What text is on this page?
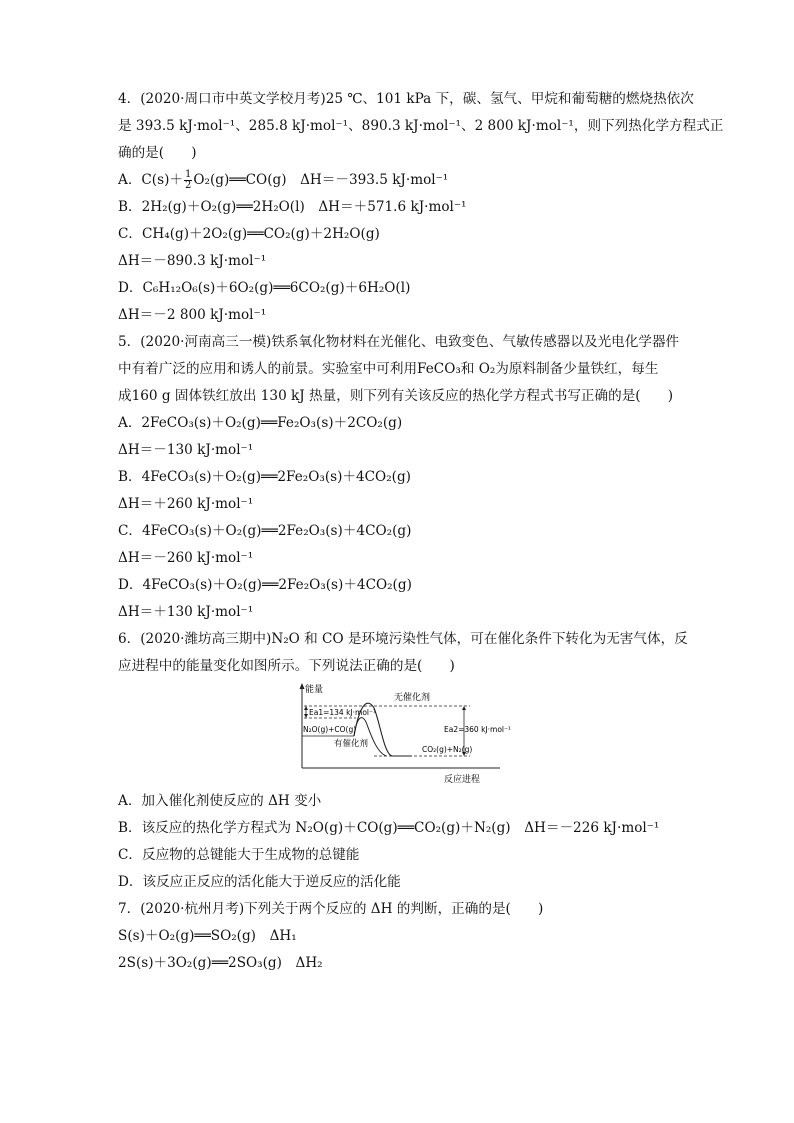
4．(2020·周口市中英文学校月考)25 ℃、101 kPa 下，碳、氢气、甲烷和葡萄糖的燃烧热依次
是 393.5 kJ·mol⁻¹、285.8 kJ·mol⁻¹、890.3 kJ·mol⁻¹、2 800 kJ·mol⁻¹，则下列热化学方程式正
确的是(　　)
A．$C(s)+ \frac{1}{2}$ O₂(g)══CO(g)　ΔH＝－393.5 kJ·mol⁻¹
B．2H₂(g)＋O₂(g)══2H₂O(l)　ΔH＝＋571.6 kJ·mol⁻¹
C．CH₄(g)＋2O₂(g)══CO₂(g)＋2H₂O(g)
ΔH＝－890.3 kJ·mol⁻¹
D．C₆H₁₂O₆(s)＋6O₂(g)══6CO₂(g)＋6H₂O(l)
ΔH＝－2 800 kJ·mol⁻¹
5．(2020·河南高三一模)铁系氧化物材料在光催化、电致变色、气敏传感器以及光电化学器件
中有着广泛的应用和诱人的前景。实验室中可利用FeCO₃和 O₂为原料制备少量铁红，每生
成160 g 固体铁红放出 130 kJ 热量，则下列有关该反应的热化学方程式书写正确的是(　　)
A．2FeCO₃(s)＋O₂(g)══Fe₂O₃(s)＋2CO₂(g)
ΔH＝－130 kJ·mol⁻¹
B．4FeCO₃(s)＋O₂(g)══2Fe₂O₃(s)＋4CO₂(g)
ΔH＝＋260 kJ·mol⁻¹
C．4FeCO₃(s)＋O₂(g)══2Fe₂O₃(s)＋4CO₂(g)
ΔH＝－260 kJ·mol⁻¹
D．4FeCO₃(s)＋O₂(g)══2Fe₂O₃(s)＋4CO₂(g)
ΔH＝＋130 kJ·mol⁻¹
6．(2020·潍坊高三期中)N₂O 和 CO 是环境污染性气体，可在催化条件下转化为无害气体，反
应进程中的能量变化如图所示。下列说法正确的是(　　)
能量
无催化剂
Ea1=134 kJ·mol⁻¹
N₂O(g)+CO(g)
有催化剂
Ea2=360 kJ·mol⁻¹
CO₂(g)+N₂(g)
反应进程
A．加入催化剂使反应的 ΔH 变小
B．该反应的热化学方程式为 N₂O(g)＋CO(g)══CO₂(g)＋N₂(g)　ΔH＝－226 kJ·mol⁻¹
C．反应物的总键能大于生成物的总键能
D．该反应正反应的活化能大于逆反应的活化能
7．(2020·杭州月考)下列关于两个反应的 ΔH 的判断，正确的是(　　)
S(s)＋O₂(g)══SO₂(g)　ΔH₁
2S(s)＋3O₂(g)══2SO₃(g)　ΔH₂
